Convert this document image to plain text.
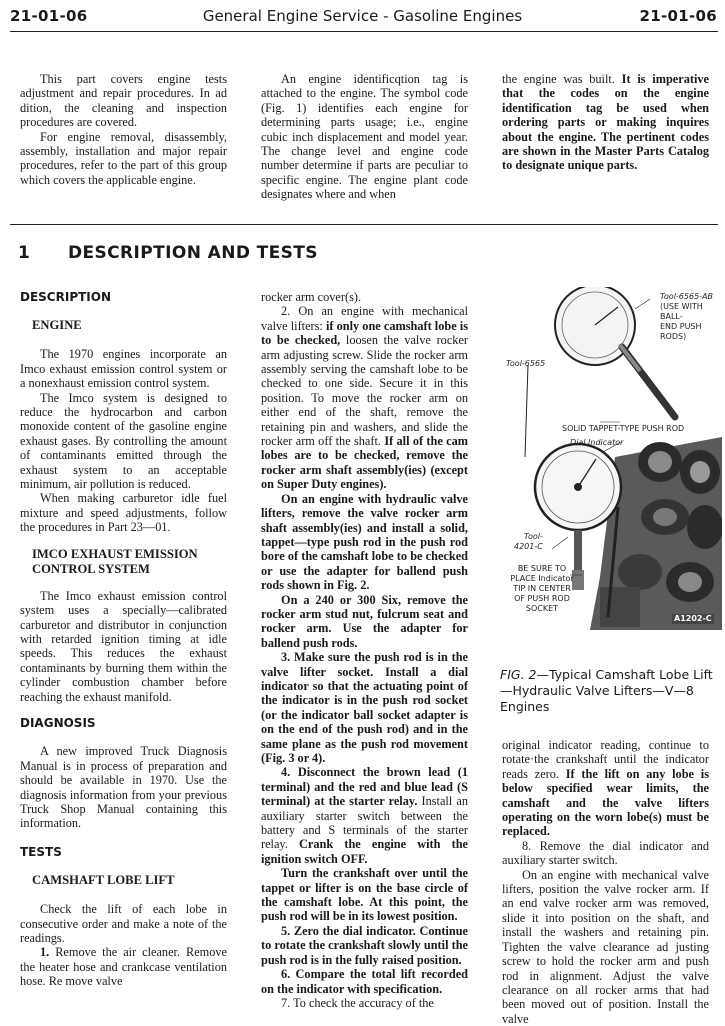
21-01-06	General Engine Service - Gasoline Engines	21-01-06

This part covers engine tests adjustment and repair procedures. In ad dition, the cleaning and inspection procedures are covered.

For engine removal, disassembly, assembly, installation and major repair procedures, refer to the part of this group which covers the applicable engine.

An engine identificqtion tag is attached to the engine. The symbol code (Fig. 1) identifies each engine for determining parts usage; i.e., engine cubic inch displacement and model year. The change level and engine code number determine if parts are peculiar to specific engine. The engine plant code designates where and when

the engine was built. It is imperative that the codes on the engine identification tag be used when ordering parts or making inquires about the engine. The pertinent codes are shown in the Master Parts Catalog to designate unique parts.

1 DESCRIPTION AND TESTS

DESCRIPTION

ENGINE

The 1970 engines incorporate an Imco exhaust emission control system or a nonexhaust emission control system.

The Imco system is designed to reduce the hydrocarbon and carbon monoxide content of the gasoline engine exhaust gases. By controlling the amount of contaminants emitted through the exhaust system to an acceptable minimum, air pollution is reduced.

When making carburetor idle fuel mixture and speed adjustments, follow the procedures in Part 23—01.

IMCO EXHAUST EMISSION CONTROL SYSTEM

The Imco exhaust emission control system uses a specially—calibrated carburetor and distributor in conjunction with retarded ignition timing at idle speeds. This reduces the exhaust contaminants by burning them within the cylinder combustion chamber before reaching the exhaust manifold.

DIAGNOSIS

A new improved Truck Diagnosis Manual is in process of preparation and should be available in 1970. Use the diagnosis information from your previous Truck Shop Manual containing this information.

TESTS

CAMSHAFT LOBE LIFT

Check the lift of each lobe in consecutive order and make a note of the readings.

1. Remove the air cleaner. Remove the heater hose and crankcase ventilation hose. Re move valve

rocker arm cover(s).

2. On an engine with mechanical valve lifters: if only one camshaft lobe is to be checked, loosen the valve rocker arm adjusting screw. Slide the rocker arm assembly serving the camshaft lobe to be checked to one side. Secure it in this position. To move the rocker arm on either end of the shaft, remove the retaining pin and washers, and slide the rocker arm off the shaft. If all of the cam lobes are to be checked, remove the rocker arm shaft assembly(ies) (except on Super Duty engines).

On an engine with hydraulic valve lifters, remove the valve rocker arm shaft assembly(ies) and install a solid, tappet—type push rod in the push rod bore of the camshaft lobe to be checked or use the adapter for ballend push rods shown in Fig. 2.

On a 240 or 300 Six, remove the rocker arm stud nut, fulcrum seat and rocker arm. Use the adapter for ballend push rods.

3. Make sure the push rod is in the valve lifter socket. Install a dial indicator so that the actuating point of the indicator is in the push rod socket (or the indicator ball socket adapter is on the end of the push rod) and in the same plane as the push rod movement (Fig. 3 or 4).

4. Disconnect the brown lead (1 terminal) and the red and blue lead (S terminal) at the starter relay. Install an auxiliary starter switch between the battery and S terminals of the starter relay. Crank the engine with the ignition switch OFF.

Turn the crankshaft over until the tappet or lifter is on the base circle of the camshaft lobe. At this point, the push rod will be in its lowest position.

5. Zero the dial indicator. Continue to rotate the crankshaft slowly until the push rod is in the fully raised position.

6. Compare the total lift recorded on the indicator with specification.

7. To check the accuracy of the

Tool-6565-AB
(USE WITH BALL-
END PUSH RODS)
Tool-6565
SOLID TAPPET-TYPE PUSH ROD
Dial Indicator
Tool-
4201-C
BE SURE TO
PLACE Indicator
TIP IN CENTER
OF PUSH ROD
SOCKET
A1202-C
FIG. 2—Typical Camshaft Lobe Lift—Hydraulic Valve Lifters—V—8 Engines

original indicator reading, continue to rotate·the crankshaft until the indicator reads zero. If the lift on any lobe is below specified wear limits, the camshaft and the valve lifters operating on the worn lobe(s) must be replaced.

8. Remove the dial indicator and auxiliary starter switch.

On an engine with mechanical valve lifters, position the valve rocker arm. If an end valve rocker arm was removed, slide it into position on the shaft, and install the washers and retaining pin. Tighten the valve clearance ad justing screw to hold the rocker arm and push rod in alignment. Adjust the valve clearance on all rocker arms that had been moved out of position. Install the valve
